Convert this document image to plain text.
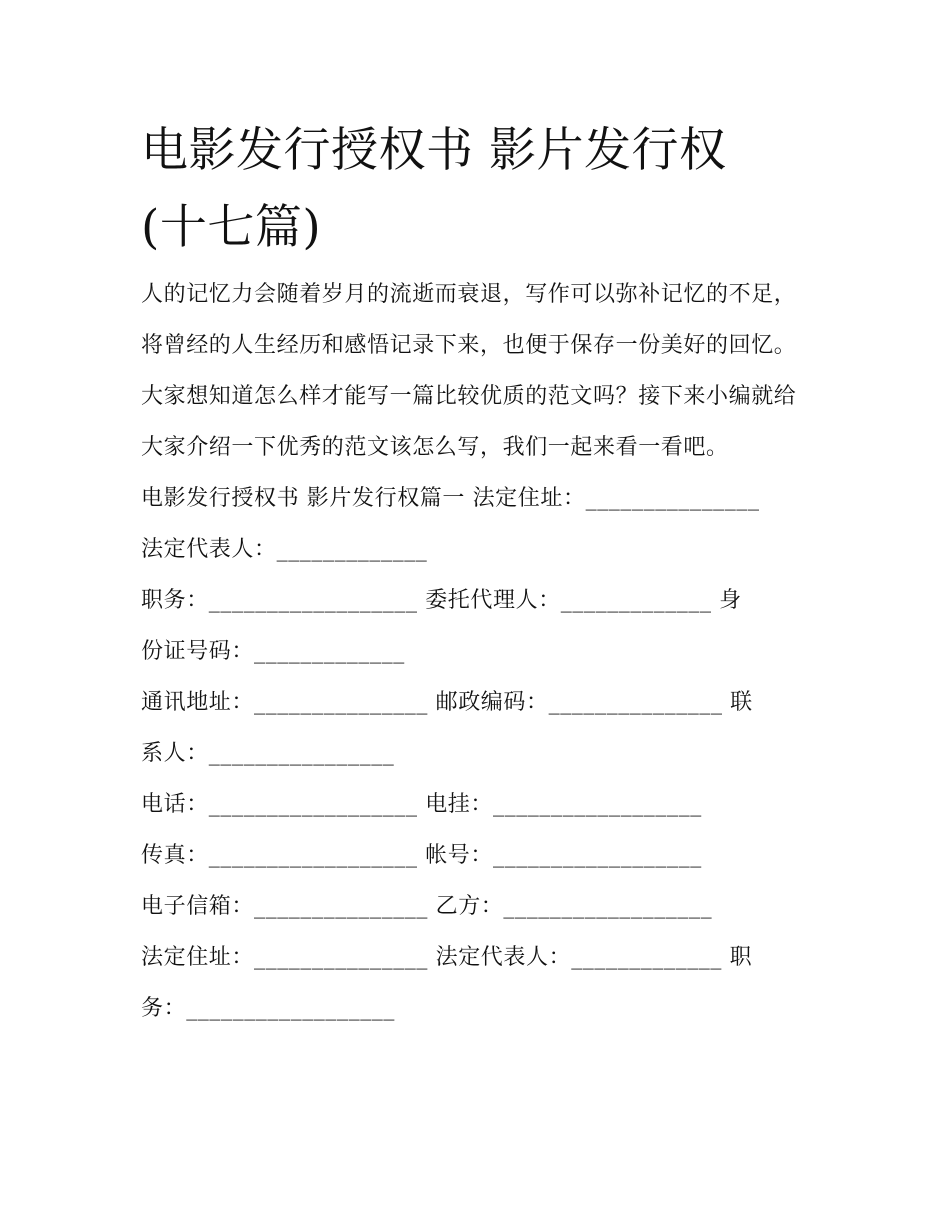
电影发行授权书 影片发行权
(十七篇)

人的记忆力会随着岁月的流逝而衰退，写作可以弥补记忆的不足，将曾经的人生经历和感悟记录下来，也便于保存一份美好的回忆。大家想知道怎么样才能写一篇比较优质的范文吗？接下来小编就给大家介绍一下优秀的范文该怎么写，我们一起来看一看吧。

电影发行授权书 影片发行权篇一 法定住址：_______________
法定代表人：_____________
职务：__________________ 委托代理人：_____________ 身
份证号码：_____________
通讯地址：_______________ 邮政编码：_______________ 联
系人：________________
电话：__________________ 电挂：__________________
传真：__________________ 帐号：__________________
电子信箱：_______________ 乙方：__________________
法定住址：_______________ 法定代表人：_____________ 职
务：__________________
